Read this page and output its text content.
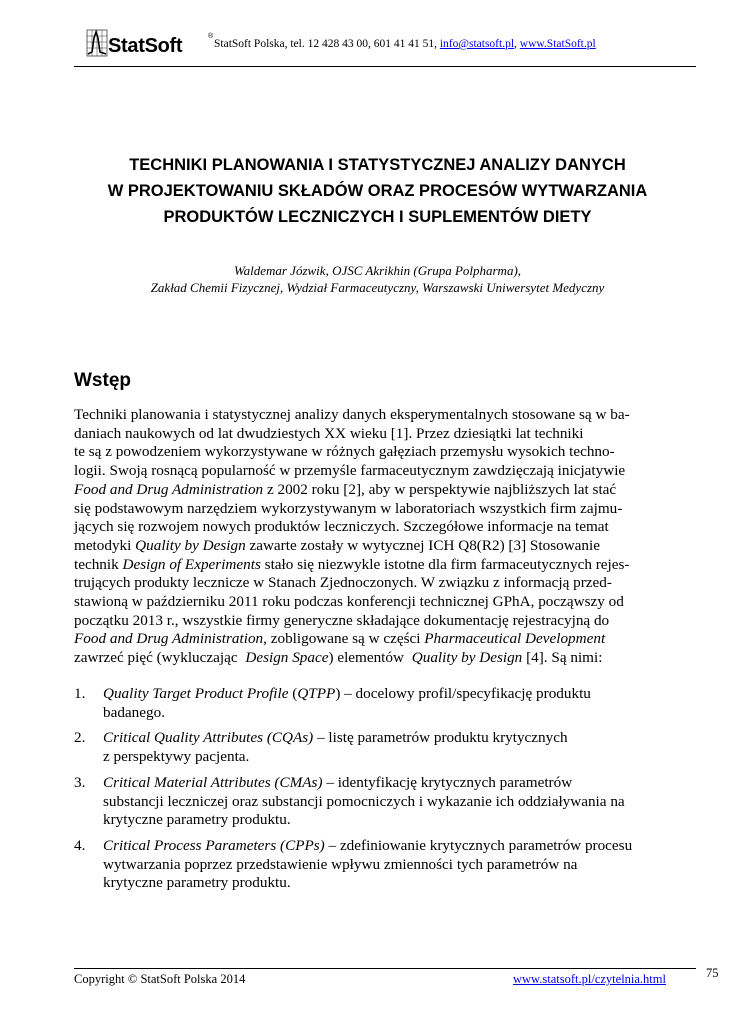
StatSoft	®
StatSoft Polska, tel. 12 428 43 00, 601 41 41 51, info@statsoft.pl, www.StatSoft.pl
TECHNIKI PLANOWANIA I STATYSTYCZNEJ ANALIZY DANYCH
W PROJEKTOWANIU SKŁADÓW ORAZ PROCESÓW WYTWARZANIA
PRODUKTÓW LECZNICZYCH I SUPLEMENTÓW DIETY
Waldemar Józwik, OJSC Akrikhin (Grupa Polpharma),
Zakład Chemii Fizycznej, Wydział Farmaceutyczny, Warszawski Uniwersytet Medyczny
Wstęp
Techniki planowania i statystycznej analizy danych eksperymentalnych stosowane są w ba-
daniach naukowych od lat dwudziestych XX wieku [1]. Przez dziesiątki lat techniki
te są z powodzeniem wykorzystywane w różnych gałęziach przemysłu wysokich techno-
logii. Swoją rosnącą popularność w przemyśle farmaceutycznym zawdzięczają inicjatywie
Food and Drug Administration z 2002 roku [2], aby w perspektywie najbliższych lat stać
się podstawowym narzędziem wykorzystywanym w laboratoriach wszystkich firm zajmu-
jących się rozwojem nowych produktów leczniczych. Szczegółowe informacje na temat
metodyki Quality by Design zawarte zostały w wytycznej ICH Q8(R2) [3] Stosowanie
technik Design of Experiments stało się niezwykle istotne dla firm farmaceutycznych rejes-
trujących produkty lecznicze w Stanach Zjednoczonych. W związku z informacją przed-
stawioną w październiku 2011 roku podczas konferencji technicznej GPhA, począwszy od
początku 2013 r., wszystkie firmy generyczne składające dokumentację rejestracyjną do
Food and Drug Administration, zobligowane są w części Pharmaceutical Development
zawrzeć pięć (wykluczając Design Space) elementów Quality by Design [4]. Są nimi:
1. Quality Target Product Profile (QTPP) – docelowy profil/specyfikację produktu
badanego.
2. Critical Quality Attributes (CQAs) – listę parametrów produktu krytycznych
z perspektywy pacjenta.
3. Critical Material Attributes (CMAs) – identyfikację krytycznych parametrów
substancji leczniczej oraz substancji pomocniczych i wykazanie ich oddziaływania na
krytyczne parametry produktu.
4. Critical Process Parameters (CPPs) – zdefiniowanie krytycznych parametrów procesu
wytwarzania poprzez przedstawienie wpływu zmienności tych parametrów na
krytyczne parametry produktu.
Copyright © StatSoft Polska 2014	www.statsoft.pl/czytelnia.html	75
